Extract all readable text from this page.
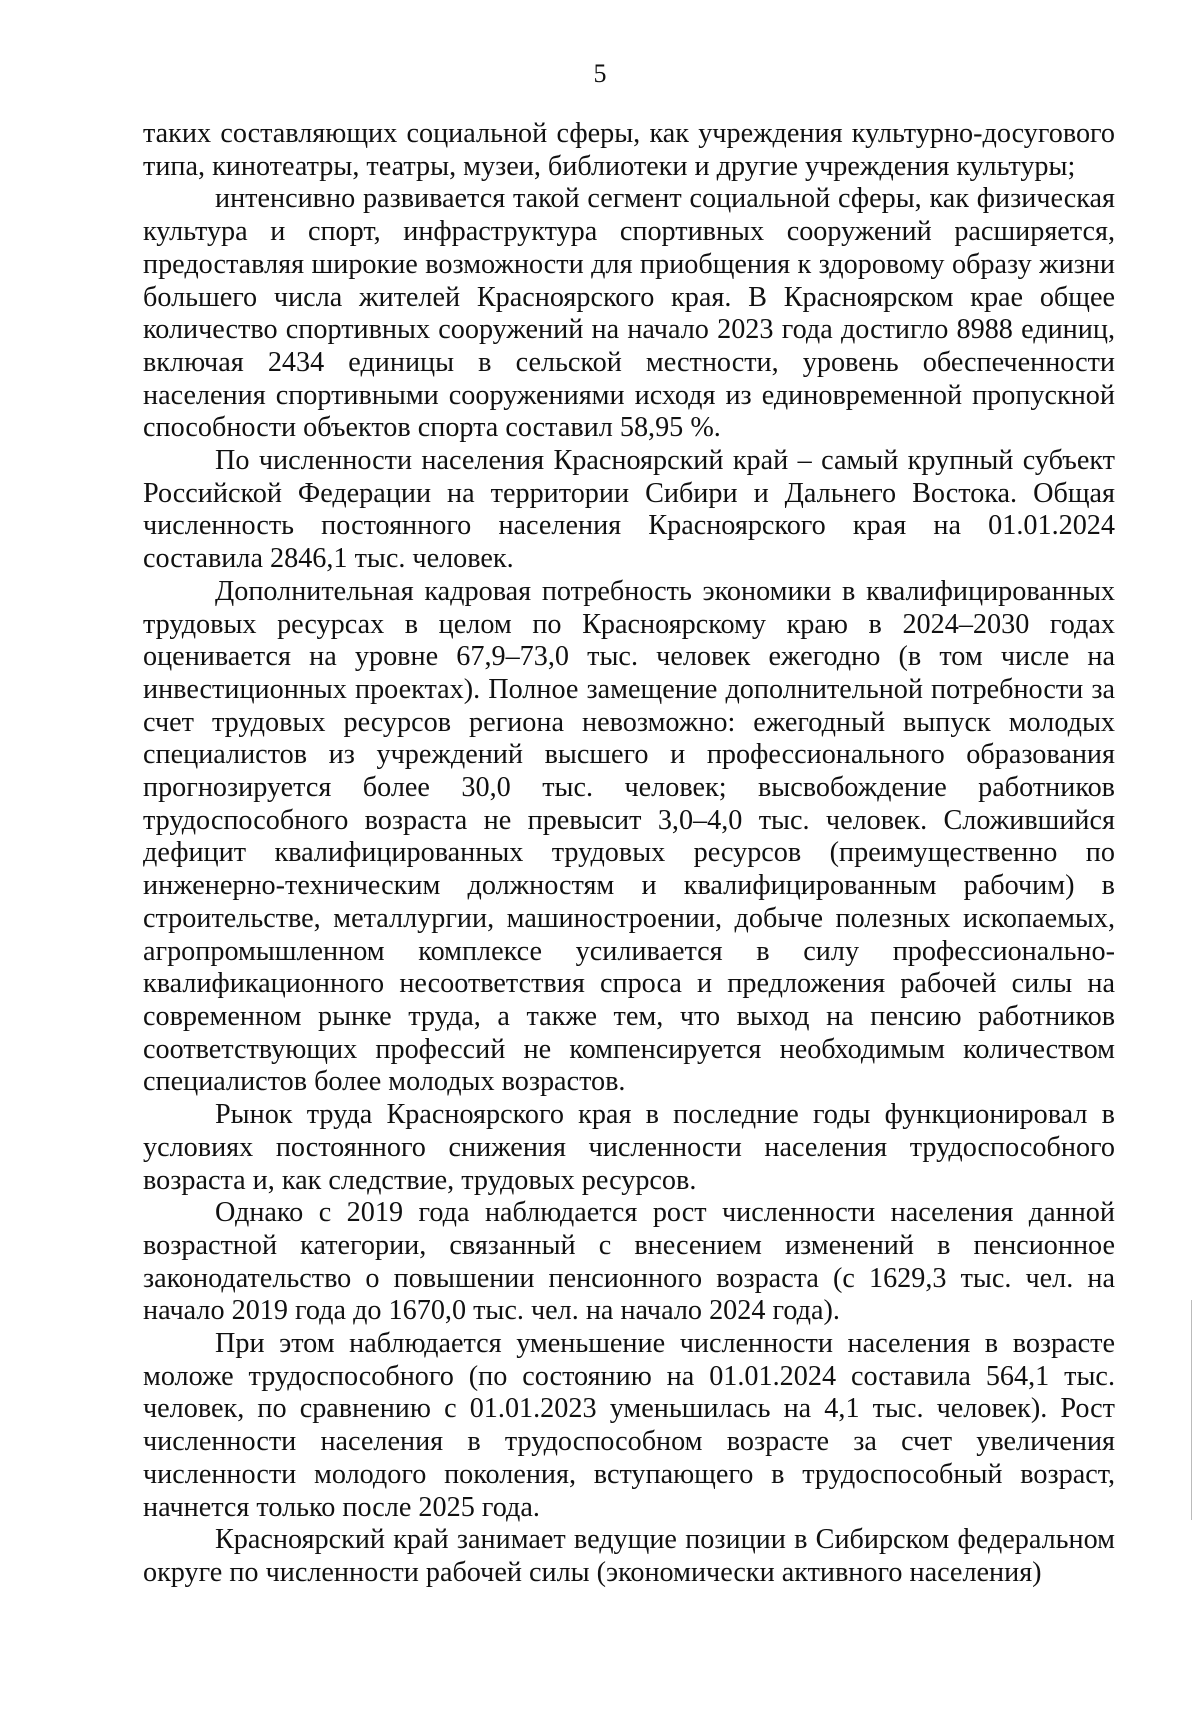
5

таких составляющих социальной сферы, как учреждения культурно-досугового типа, кинотеатры, театры, музеи, библиотеки и другие учреждения культуры;

интенсивно развивается такой сегмент социальной сферы, как физическая культура и спорт, инфраструктура спортивных сооружений расширяется, предоставляя широкие возможности для приобщения к здоровому образу жизни большего числа жителей Красноярского края. В Красноярском крае общее количество спортивных сооружений на начало 2023 года достигло 8988 единиц, включая 2434 единицы в сельской местности, уровень обеспеченности населения спортивными сооружениями исходя из единовременной пропускной способности объектов спорта составил 58,95 %.

По численности населения Красноярский край – самый крупный субъект Российской Федерации на территории Сибири и Дальнего Востока. Общая численность постоянного населения Красноярского края на 01.01.2024 составила 2846,1 тыс. человек.

Дополнительная кадровая потребность экономики в квалифицированных трудовых ресурсах в целом по Красноярскому краю в 2024–2030 годах оценивается на уровне 67,9–73,0 тыс. человек ежегодно (в том числе на инвестиционных проектах). Полное замещение дополнительной потребности за счет трудовых ресурсов региона невозможно: ежегодный выпуск молодых специалистов из учреждений высшего и профессионального образования прогнозируется более 30,0 тыс. человек; высвобождение работников трудоспособного возраста не превысит 3,0–4,0 тыс. человек. Сложившийся дефицит квалифицированных трудовых ресурсов (преимущественно по инженерно-техническим должностям и квалифицированным рабочим) в строительстве, металлургии, машиностроении, добыче полезных ископаемых, агропромышленном комплексе усиливается в силу профессионально-квалификационного несоответствия спроса и предложения рабочей силы на современном рынке труда, а также тем, что выход на пенсию работников соответствующих профессий не компенсируется необходимым количеством специалистов более молодых возрастов.

Рынок труда Красноярского края в последние годы функционировал в условиях постоянного снижения численности населения трудоспособного возраста и, как следствие, трудовых ресурсов.

Однако с 2019 года наблюдается рост численности населения данной возрастной категории, связанный с внесением изменений в пенсионное законодательство о повышении пенсионного возраста (с 1629,3 тыс. чел. на начало 2019 года до 1670,0 тыс. чел. на начало 2024 года).

При этом наблюдается уменьшение численности населения в возрасте моложе трудоспособного (по состоянию на 01.01.2024 составила 564,1 тыс. человек, по сравнению с 01.01.2023 уменьшилась на 4,1 тыс. человек). Рост численности населения в трудоспособном возрасте за счет увеличения численности молодого поколения, вступающего в трудоспособный возраст, начнется только после 2025 года.

Красноярский край занимает ведущие позиции в Сибирском федеральном округе по численности рабочей силы (экономически активного населения)
